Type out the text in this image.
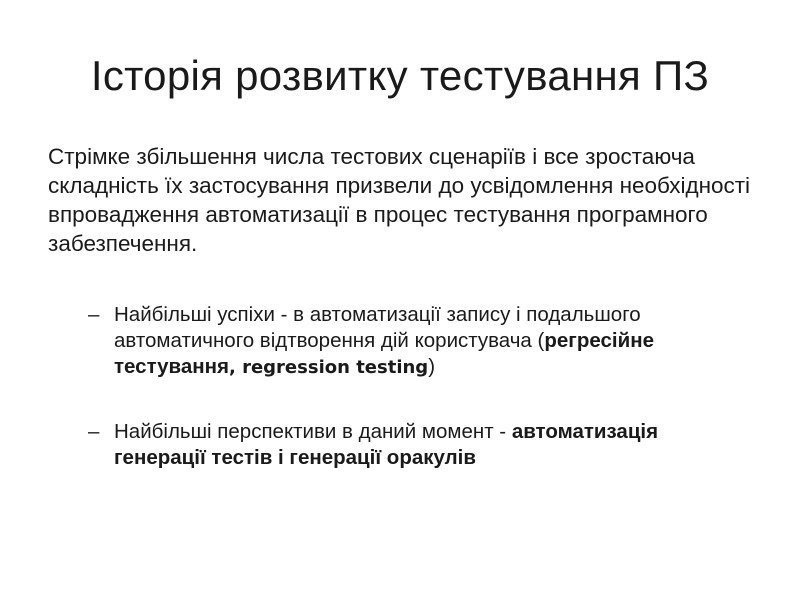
Історія розвитку тестування ПЗ

Стрімке збільшення числа тестових сценаріїв і все зростаюча складність їх застосування призвели до усвідомлення необхідності впровадження автоматизації в процес тестування програмного забезпечення.

– Найбільші успіхи - в автоматизації запису і подальшого автоматичного відтворення дій користувача (регресійне тестування, regression testing)
– Найбільші перспективи в даний момент - автоматизація генерації тестів і генерації оракулів
